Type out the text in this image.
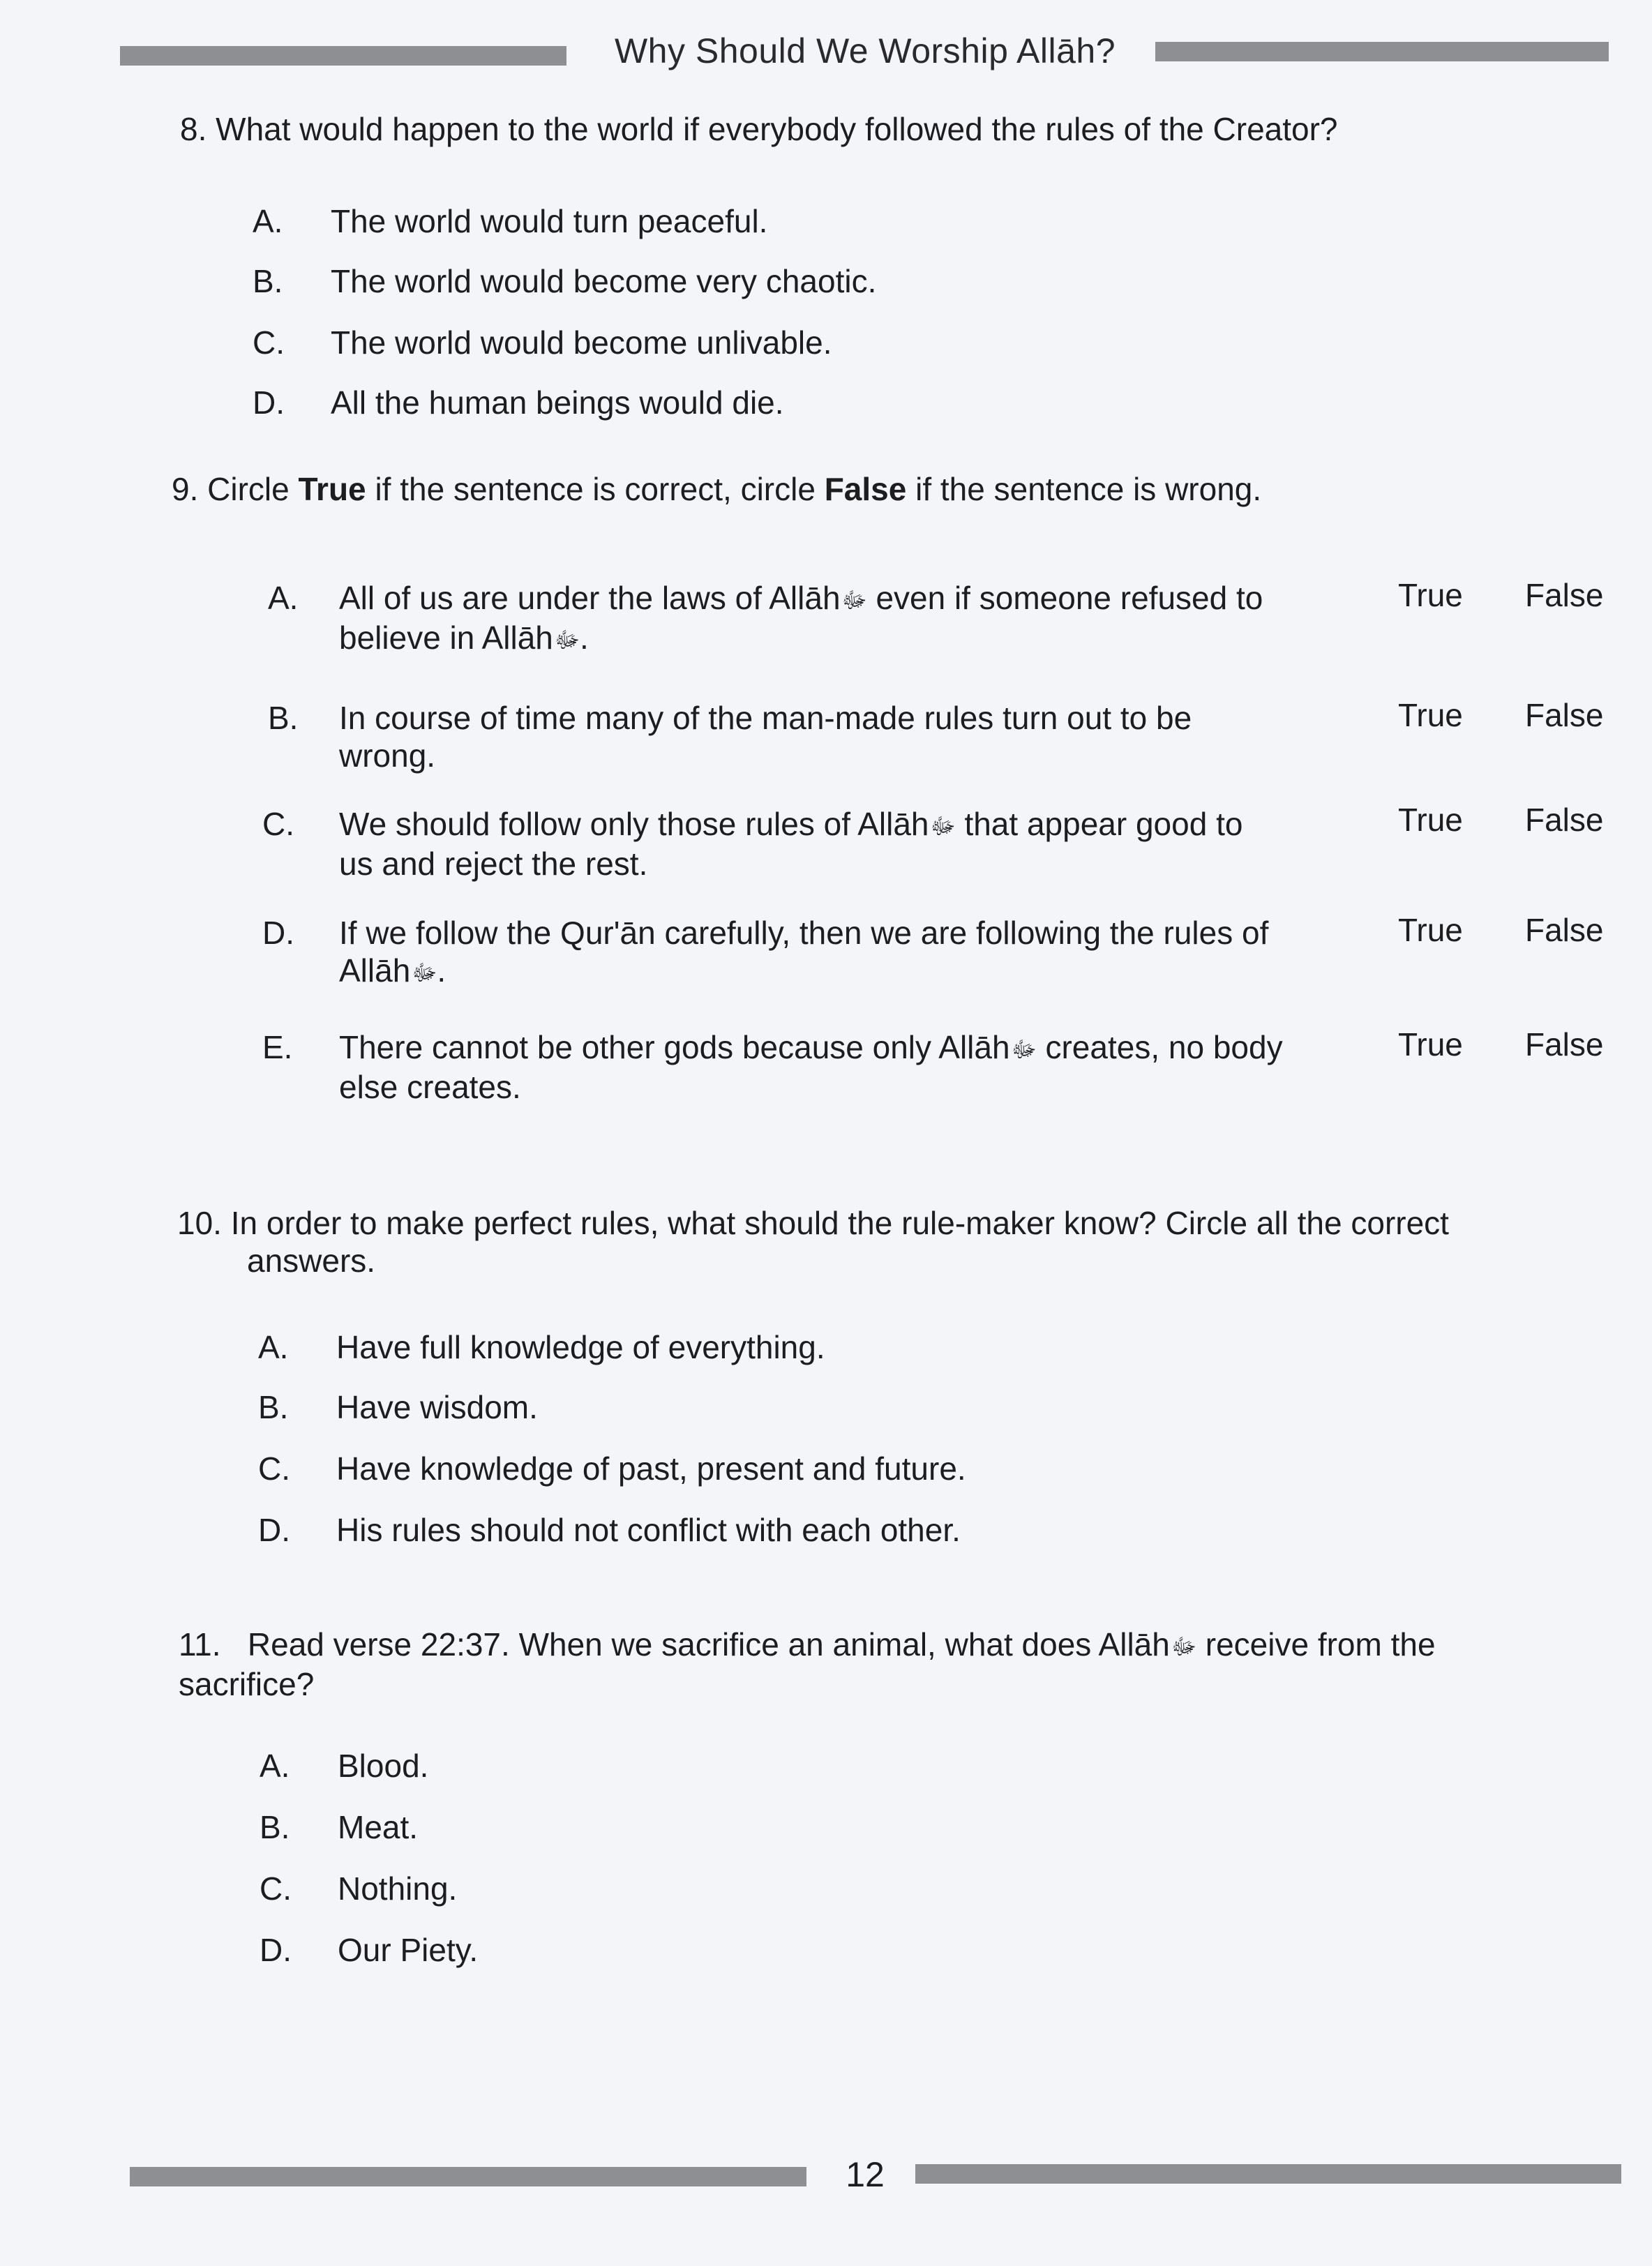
Why Should We Worship Allāh?
8. What would happen to the world if everybody followed the rules of the Creator?
A. The world would turn peaceful.
B. The world would become very chaotic.
C. The world would become unlivable.
D. All the human beings would die.
9. Circle True if the sentence is correct, circle False if the sentence is wrong.
A. All of us are under the laws of Allāhﷻ even if someone refused to
believe in Allāhﷻ.
True False
B. In course of time many of the man-made rules turn out to be
wrong.
True False
C. We should follow only those rules of Allāhﷻ that appear good to
us and reject the rest.
True False
D. If we follow the Qur'ān carefully, then we are following the rules of
Allāhﷻ.
True False
E. There cannot be other gods because only Allāhﷻ creates, no body
else creates.
True False
10. In order to make perfect rules, what should the rule-maker know? Circle all the correct
answers.
A. Have full knowledge of everything.
B. Have wisdom.
C. Have knowledge of past, present and future.
D. His rules should not conflict with each other.
11. Read verse 22:37. When we sacrifice an animal, what does Allāhﷻ receive from the
sacrifice?
A. Blood.
B. Meat.
C. Nothing.
D. Our Piety.
12
